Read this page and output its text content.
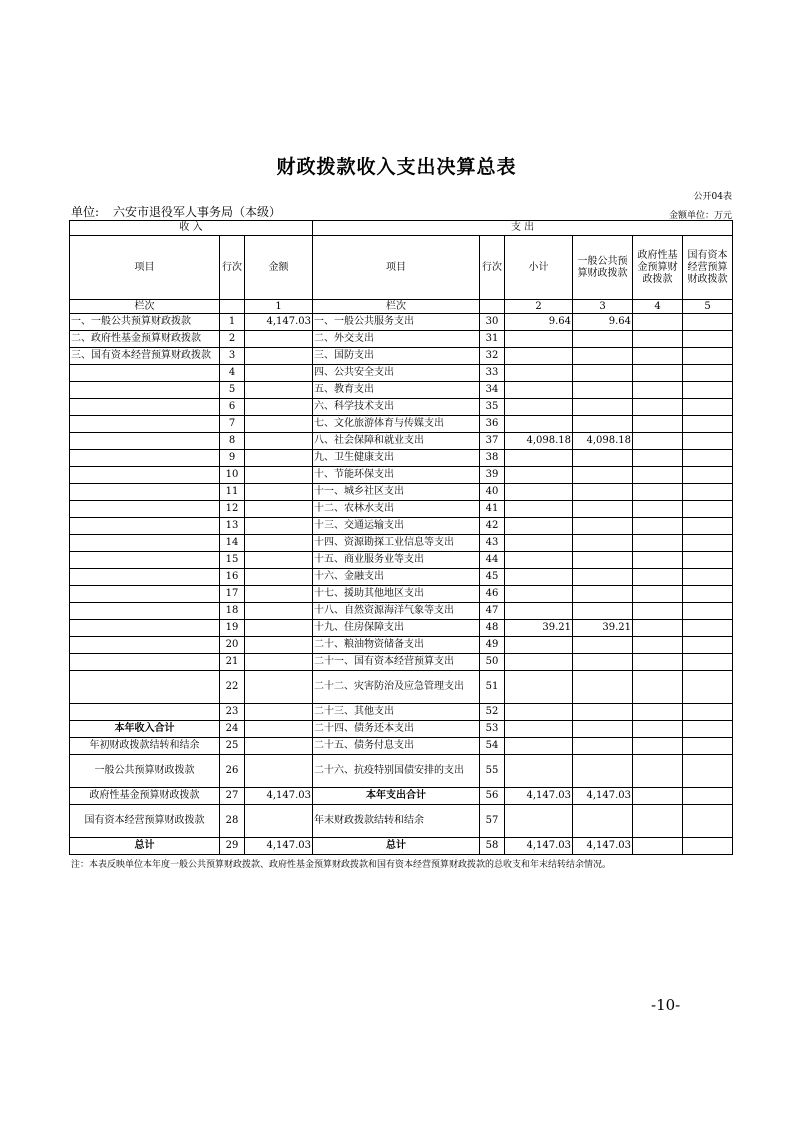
财政拨款收入支出决算总表
公开04表
单位: 六安市退役军人事务局（本级）	金额单位：万元
收 入			支 出					
项目	行次	金额	项目	行次	小计	一般公共预算财政拨款	政府性基金预算财政拨款	国有资本经营预算财政拨款
栏次		1	栏次		2	3	4	5
一、一般公共预算财政拨款	1	4,147.03	一、一般公共服务支出	30	9.64	9.64		
二、政府性基金预算财政拨款	2		二、外交支出	31				
三、国有资本经营预算财政拨款	3		三、国防支出	32				
	4		四、公共安全支出	33				
	5		五、教育支出	34				
	6		六、科学技术支出	35				
	7		七、文化旅游体育与传媒支出	36				
	8		八、社会保障和就业支出	37	4,098.18	4,098.18		
	9		九、卫生健康支出	38				
	10		十、节能环保支出	39				
	11		十一、城乡社区支出	40				
	12		十二、农林水支出	41				
	13		十三、交通运输支出	42				
	14		十四、资源勘探工业信息等支出	43				
	15		十五、商业服务业等支出	44				
	16		十六、金融支出	45				
	17		十七、援助其他地区支出	46				
	18		十八、自然资源海洋气象等支出	47				
	19		十九、住房保障支出	48	39.21	39.21		
	20		二十、粮油物资储备支出	49				
	21		二十一、国有资本经营预算支出	50				
	22		二十二、灾害防治及应急管理支出	51				
	23		二十三、其他支出	52				
本年收入合计	24		二十四、债务还本支出	53				
年初财政拨款结转和结余	25		二十五、债务付息支出	54				
一般公共预算财政拨款	26		二十六、抗疫特别国债安排的支出	55				
政府性基金预算财政拨款	27	4,147.03	本年支出合计	56	4,147.03	4,147.03		
国有资本经营预算财政拨款	28		年末财政拨款结转和结余	57				
总计	29	4,147.03	总计	58	4,147.03	4,147.03		
注：本表反映单位本年度一般公共预算财政拨款、政府性基金预算财政拨款和国有资本经营预算财政拨款的总收支和年末结转结余情况。
-10-
